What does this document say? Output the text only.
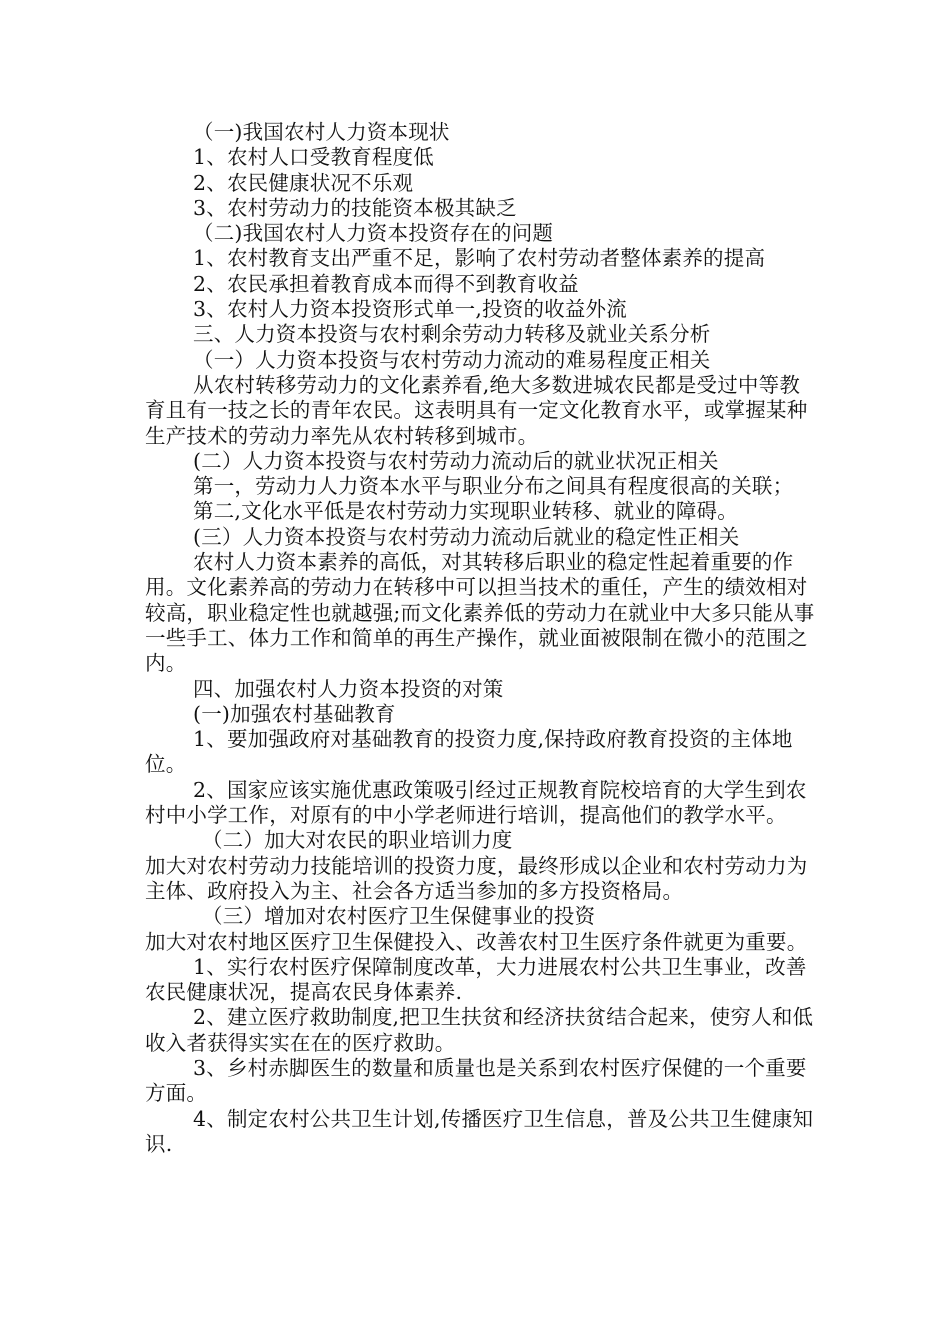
（一)我国农村人力资本现状

1、农村人口受教育程度低

2、农民健康状况不乐观

3、农村劳动力的技能资本极其缺乏

（二)我国农村人力资本投资存在的问题

1、农村教育支出严重不足，影响了农村劳动者整体素养的提高

2、农民承担着教育成本而得不到教育收益

3、农村人力资本投资形式单一,投资的收益外流

三、人力资本投资与农村剩余劳动力转移及就业关系分析

（一）人力资本投资与农村劳动力流动的难易程度正相关

从农村转移劳动力的文化素养看,绝大多数进城农民都是受过中等教育且有一技之长的青年农民。这表明具有一定文化教育水平，或掌握某种生产技术的劳动力率先从农村转移到城市。

(二）人力资本投资与农村劳动力流动后的就业状况正相关

第一，劳动力人力资本水平与职业分布之间具有程度很高的关联；

第二,文化水平低是农村劳动力实现职业转移、就业的障碍。

(三）人力资本投资与农村劳动力流动后就业的稳定性正相关

农村人力资本素养的高低，对其转移后职业的稳定性起着重要的作用。文化素养高的劳动力在转移中可以担当技术的重任，产生的绩效相对较高，职业稳定性也就越强;而文化素养低的劳动力在就业中大多只能从事一些手工、体力工作和简单的再生产操作，就业面被限制在微小的范围之内。

四、加强农村人力资本投资的对策

(一)加强农村基础教育

1、要加强政府对基础教育的投资力度,保持政府教育投资的主体地位。

2、国家应该实施优惠政策吸引经过正规教育院校培育的大学生到农村中小学工作，对原有的中小学老师进行培训，提高他们的教学水平。

（二）加大对农民的职业培训力度

加大对农村劳动力技能培训的投资力度，最终形成以企业和农村劳动力为主体、政府投入为主、社会各方适当参加的多方投资格局。

（三）增加对农村医疗卫生保健事业的投资

加大对农村地区医疗卫生保健投入、改善农村卫生医疗条件就更为重要。

1、实行农村医疗保障制度改革，大力进展农村公共卫生事业，改善农民健康状况，提高农民身体素养.

2、建立医疗救助制度,把卫生扶贫和经济扶贫结合起来，使穷人和低收入者获得实实在在的医疗救助。

3、乡村赤脚医生的数量和质量也是关系到农村医疗保健的一个重要方面。

4、制定农村公共卫生计划,传播医疗卫生信息，普及公共卫生健康知识.
